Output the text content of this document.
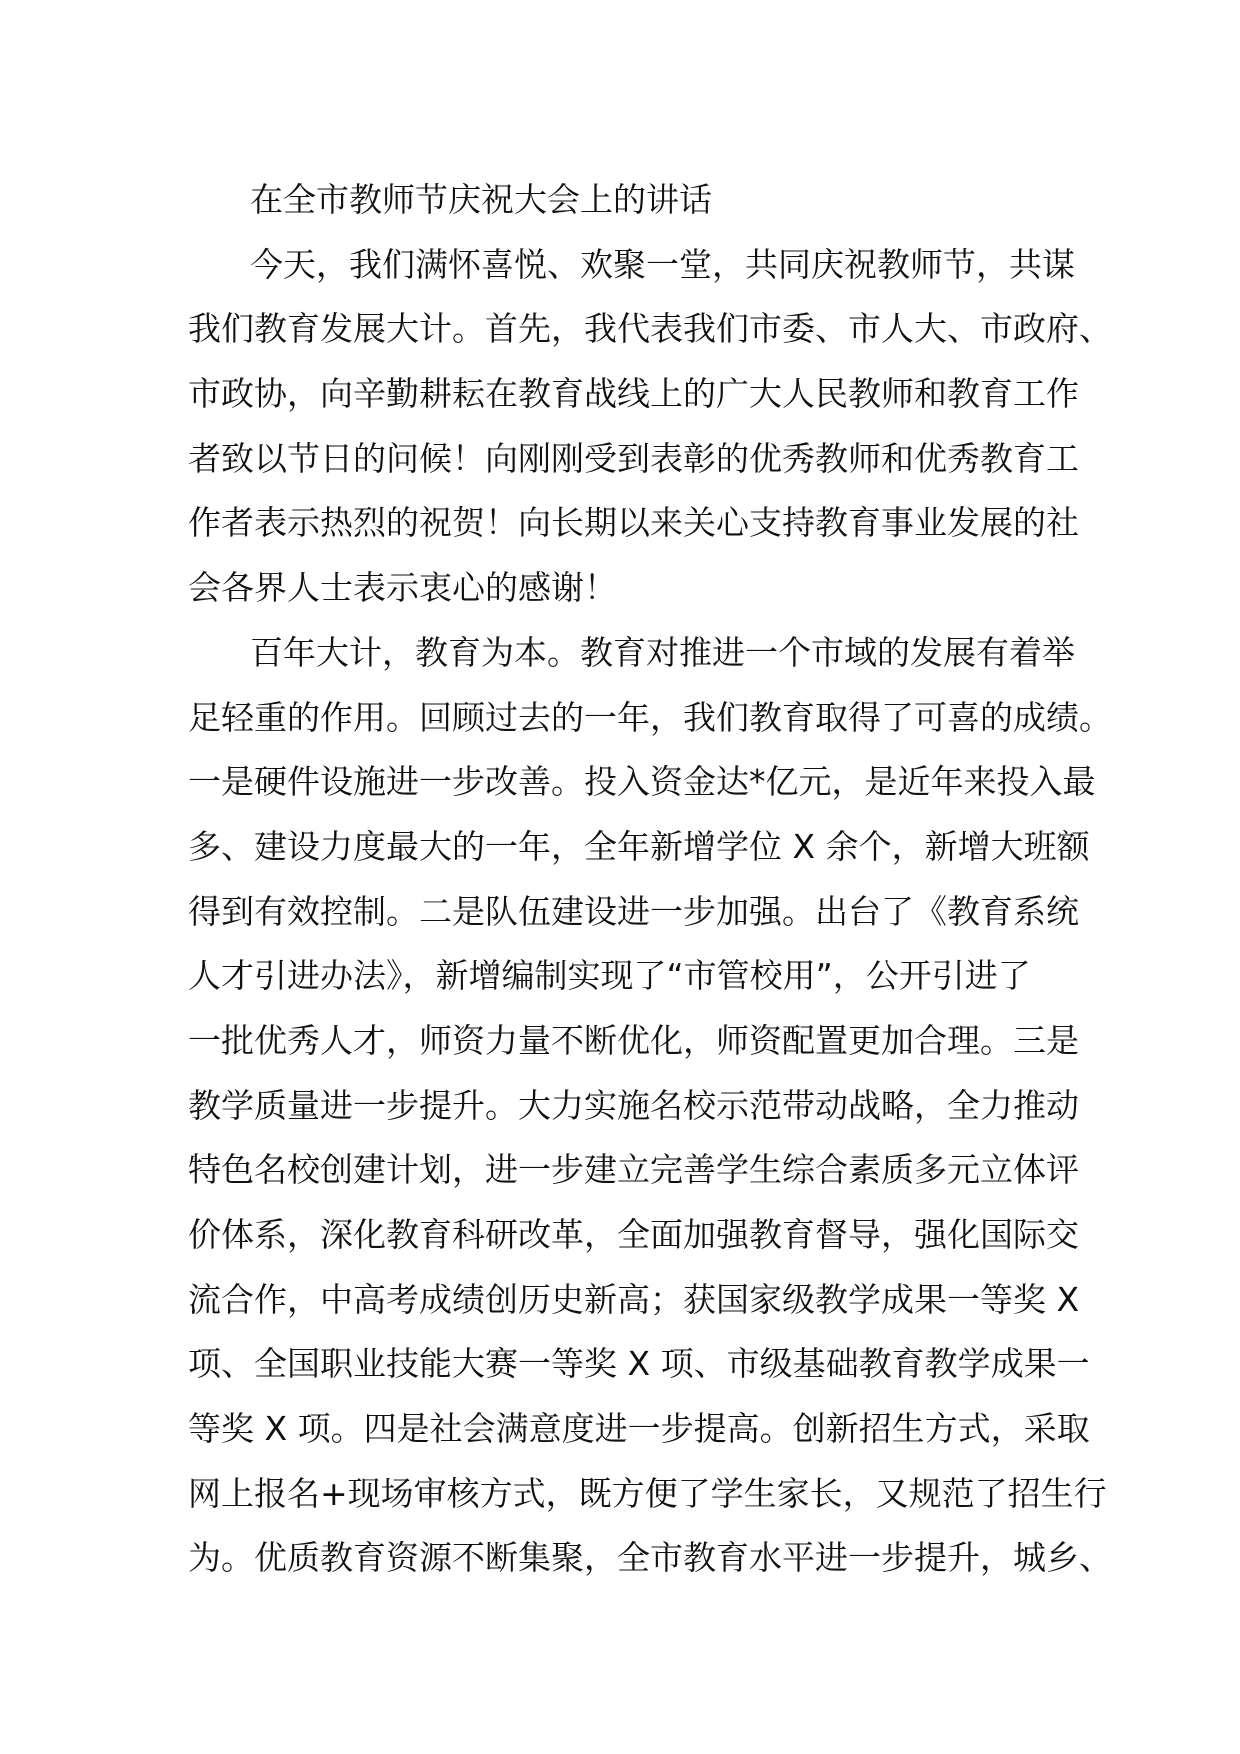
在全市教师节庆祝大会上的讲话
今天，我们满怀喜悦、欢聚一堂，共同庆祝教师节，共谋
我们教育发展大计。首先，我代表我们市委、市人大、市政府、
市政协，向辛勤耕耘在教育战线上的广大人民教师和教育工作
者致以节日的问候！向刚刚受到表彰的优秀教师和优秀教育工
作者表示热烈的祝贺！向长期以来关心支持教育事业发展的社
会各界人士表示衷心的感谢！
百年大计，教育为本。教育对推进一个市域的发展有着举
足轻重的作用。回顾过去的一年，我们教育取得了可喜的成绩。
一是硬件设施进一步改善。投入资金达*亿元，是近年来投入最
多、建设力度最大的一年，全年新增学位 X 余个，新增大班额
得到有效控制。二是队伍建设进一步加强。出台了《教育系统
人才引进办法》，新增编制实现了“市管校用”，公开引进了
一批优秀人才，师资力量不断优化，师资配置更加合理。三是
教学质量进一步提升。大力实施名校示范带动战略，全力推动
特色名校创建计划，进一步建立完善学生综合素质多元立体评
价体系，深化教育科研改革，全面加强教育督导，强化国际交
流合作，中高考成绩创历史新高；获国家级教学成果一等奖 X
项、全国职业技能大赛一等奖 X 项、市级基础教育教学成果一
等奖 X 项。四是社会满意度进一步提高。创新招生方式，采取
网上报名+现场审核方式，既方便了学生家长，又规范了招生行
为。优质教育资源不断集聚，全市教育水平进一步提升，城乡、
